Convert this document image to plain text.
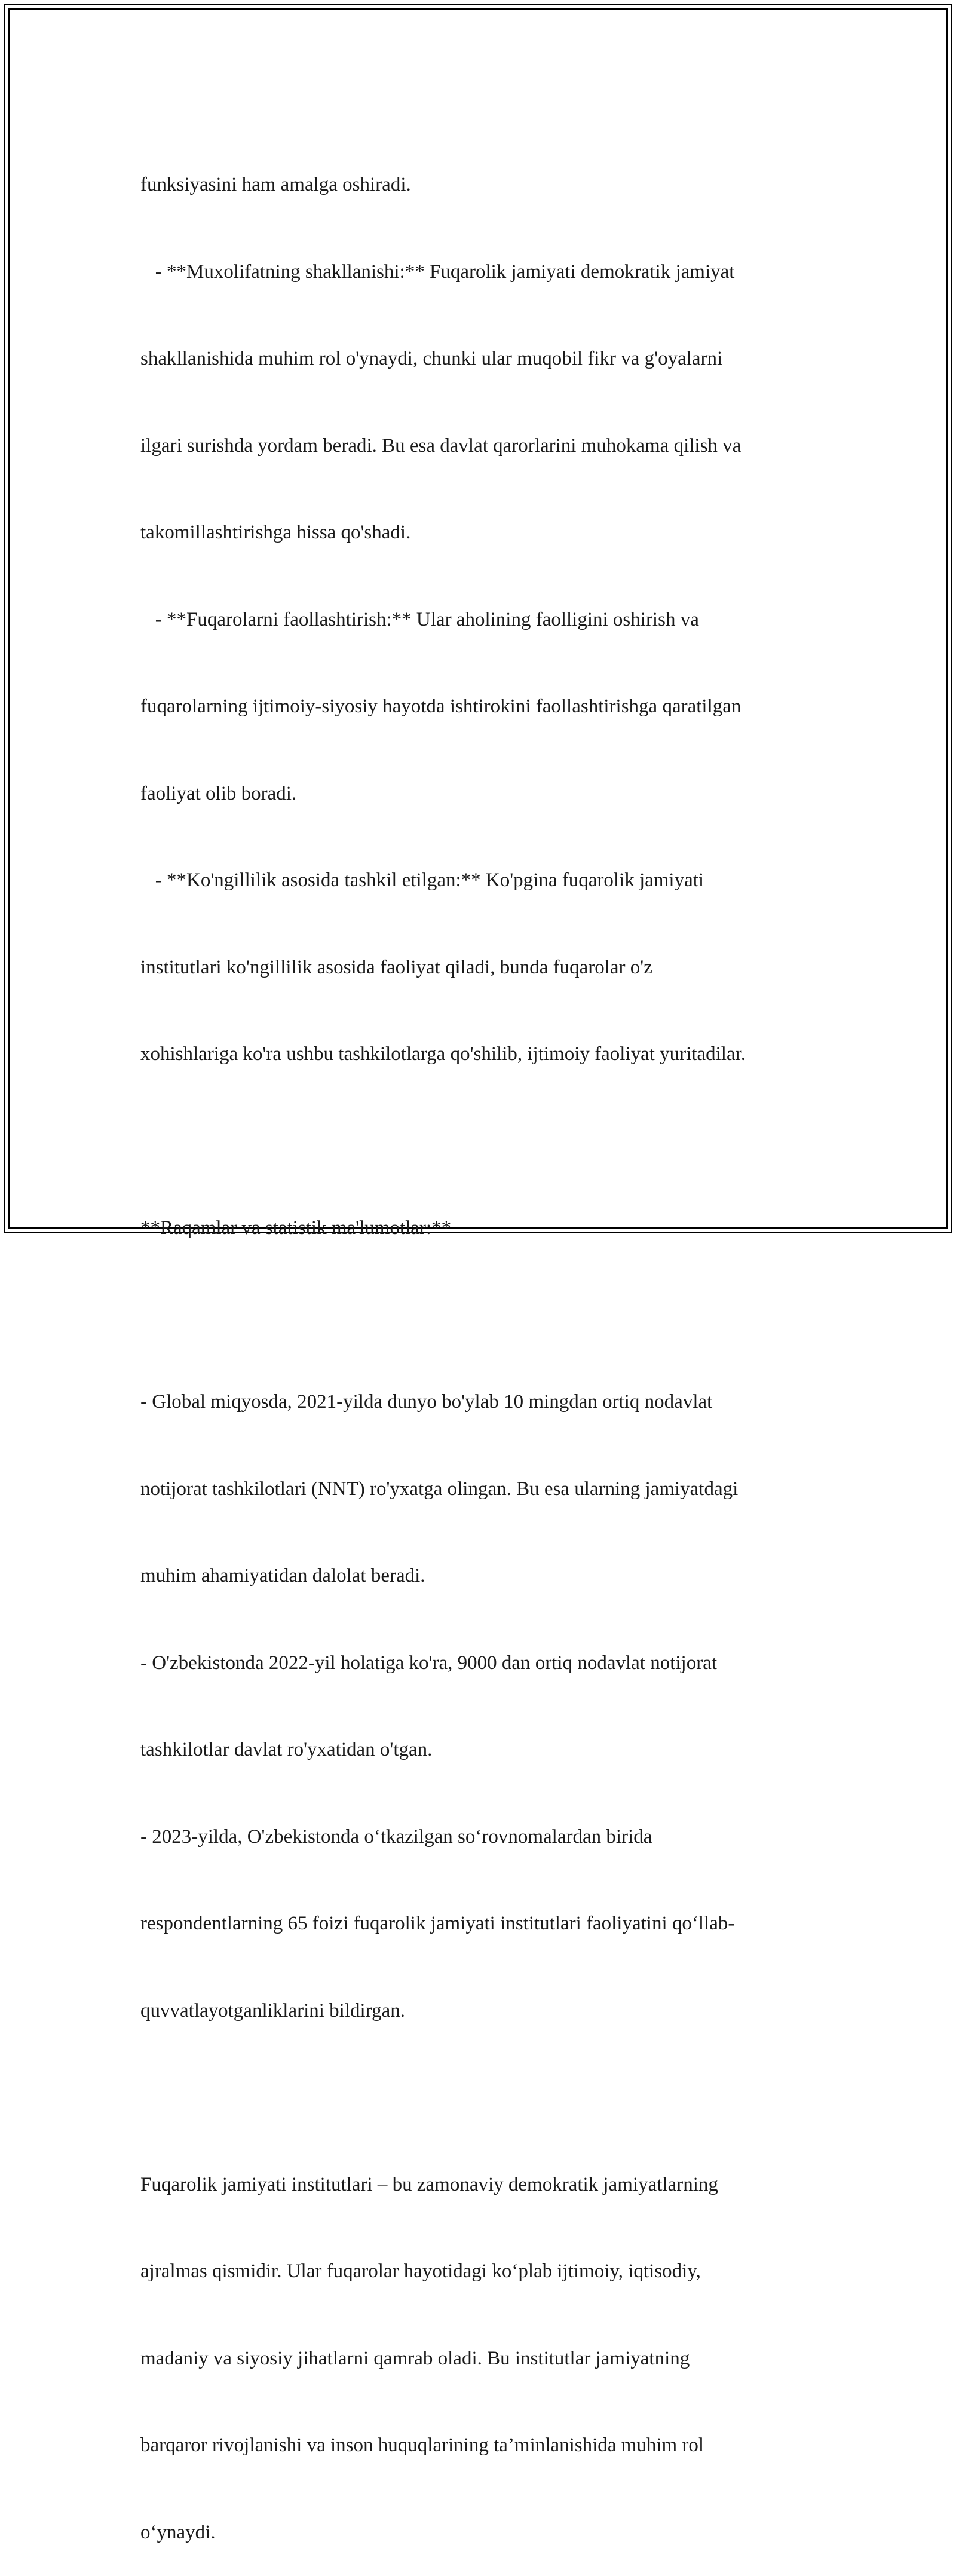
funksiyasini ham amalga oshiradi.

- **Muxolifatning shakllanishi:** Fuqarolik jamiyati demokratik jamiyat

shakllanishida muhim rol o'ynaydi, chunki ular muqobil fikr va g'oyalarni

ilgari surishda yordam beradi. Bu esa davlat qarorlarini muhokama qilish va

takomillashtirishga hissa qo'shadi.

- **Fuqarolarni faollashtirish:** Ular aholining faolligini oshirish va

fuqarolarning ijtimoiy-siyosiy hayotda ishtirokini faollashtirishga qaratilgan

faoliyat olib boradi.

- **Ko'ngillilik asosida tashkil etilgan:** Ko'pgina fuqarolik jamiyati

institutlari ko'ngillilik asosida faoliyat qiladi, bunda fuqarolar o'z

xohishlariga ko'ra ushbu tashkilotlarga qo'shilib, ijtimoiy faoliyat yuritadilar.

**Raqamlar va statistik ma'lumotlar:**

- Global miqyosda, 2021-yilda dunyo bo'ylab 10 mingdan ortiq nodavlat

notijorat tashkilotlari (NNT) ro'yxatga olingan. Bu esa ularning jamiyatdagi

muhim ahamiyatidan dalolat beradi.

- O'zbekistonda 2022-yil holatiga ko'ra, 9000 dan ortiq nodavlat notijorat

tashkilotlar davlat ro'yxatidan o'tgan.

- 2023-yilda, O'zbekistonda o‘tkazilgan so‘rovnomalardan birida

respondentlarning 65 foizi fuqarolik jamiyati institutlari faoliyatini qo‘llab-

quvvatlayotganliklarini bildirgan.

Fuqarolik jamiyati institutlari – bu zamonaviy demokratik jamiyatlarning

ajralmas qismidir. Ular fuqarolar hayotidagi ko‘plab ijtimoiy, iqtisodiy,

madaniy va siyosiy jihatlarni qamrab oladi. Bu institutlar jamiyatning

barqaror rivojlanishi va inson huquqlarining ta’minlanishida muhim rol

o‘ynaydi.
